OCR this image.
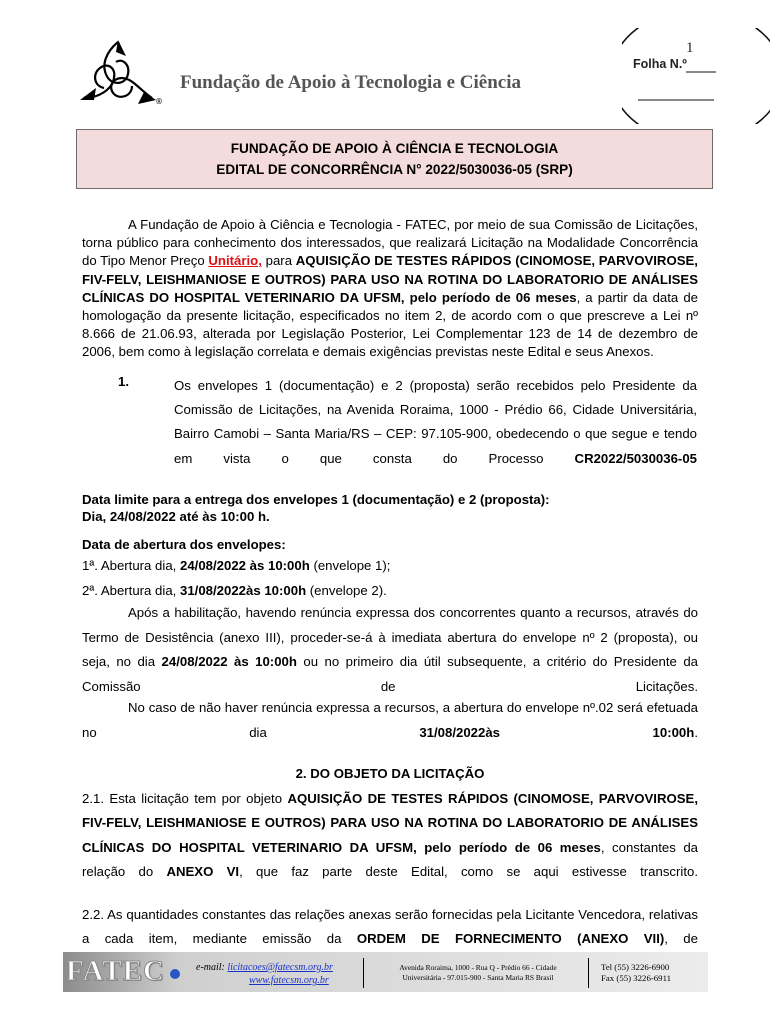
®
Fundação de Apoio à Tecnologia e Ciência
1
Folha N.º
FUNDAÇÃO DE APOIO À CIÊNCIA E TECNOLOGIA
EDITAL DE CONCORRÊNCIA N° 2022/5030036-05 (SRP)
A Fundação de Apoio à Ciência e Tecnologia - FATEC, por meio de sua Comissão de Licitações, torna público para conhecimento dos interessados, que realizará Licitação na Modalidade Concorrência do Tipo Menor Preço Unitário, para AQUISIÇÃO DE TESTES RÁPIDOS (CINOMOSE, PARVOVIROSE, FIV-FELV, LEISHMANIOSE E OUTROS) PARA USO NA ROTINA DO LABORATORIO DE ANÁLISES CLÍNICAS DO HOSPITAL VETERINARIO DA UFSM, pelo período de 06 meses, a partir da data de homologação da presente licitação, especificados no item 2, de acordo com o que prescreve a Lei nº 8.666 de 21.06.93, alterada por Legislação Posterior, Lei Complementar 123 de 14 de dezembro de 2006, bem como à legislação correlata e demais exigências previstas neste Edital e seus Anexos.
1.	Os envelopes 1 (documentação) e 2 (proposta) serão recebidos pelo Presidente da Comissão de Licitações, na Avenida Roraima, 1000 - Prédio 66, Cidade Universitária, Bairro Camobi – Santa Maria/RS – CEP: 97.105-900, obedecendo o que segue e tendo em vista o que consta do Processo CR2022/5030036-05
Data limite para a entrega dos envelopes 1 (documentação) e 2 (proposta):
Dia, 24/08/2022 até às 10:00 h.
Data de abertura dos envelopes:
1ª. Abertura dia, 24/08/2022 às 10:00h (envelope 1);
2ª. Abertura dia, 31/08/2022às 10:00h (envelope 2).
Após a habilitação, havendo renúncia expressa dos concorrentes quanto a recursos, através do Termo de Desistência (anexo III), proceder-se-á à imediata abertura do envelope nº 2 (proposta), ou seja, no dia 24/08/2022 às 10:00h ou no primeiro dia útil subsequente, a critério do Presidente da Comissão de Licitações.
No caso de não haver renúncia expressa a recursos, a abertura do envelope nº.02 será efetuada no dia 31/08/2022às 10:00h.
2. DO OBJETO DA LICITAÇÃO
2.1. Esta licitação tem por objeto AQUISIÇÃO DE TESTES RÁPIDOS (CINOMOSE, PARVOVIROSE, FIV-FELV, LEISHMANIOSE E OUTROS) PARA USO NA ROTINA DO LABORATORIO DE ANÁLISES CLÍNICAS DO HOSPITAL VETERINARIO DA UFSM, pelo período de 06 meses, constantes da relação do ANEXO VI, que faz parte deste Edital, como se aqui estivesse transcrito.
2.2. As quantidades constantes das relações anexas serão fornecidas pela Licitante Vencedora, relativas a cada item, mediante emissão da ORDEM DE FORNECIMENTO (ANEXO VII), de
FATEC	e-mail: licitacoes@fatecsm.org.br
www.fatecsm.org.br
Avenida Roraima, 1000 - Rua Q - Prédio 66 - Cidade
Universitária - 97.015-900 - Santa Maria RS Brasil
Tel (55) 3226-6900
Fax (55) 3226-6911
